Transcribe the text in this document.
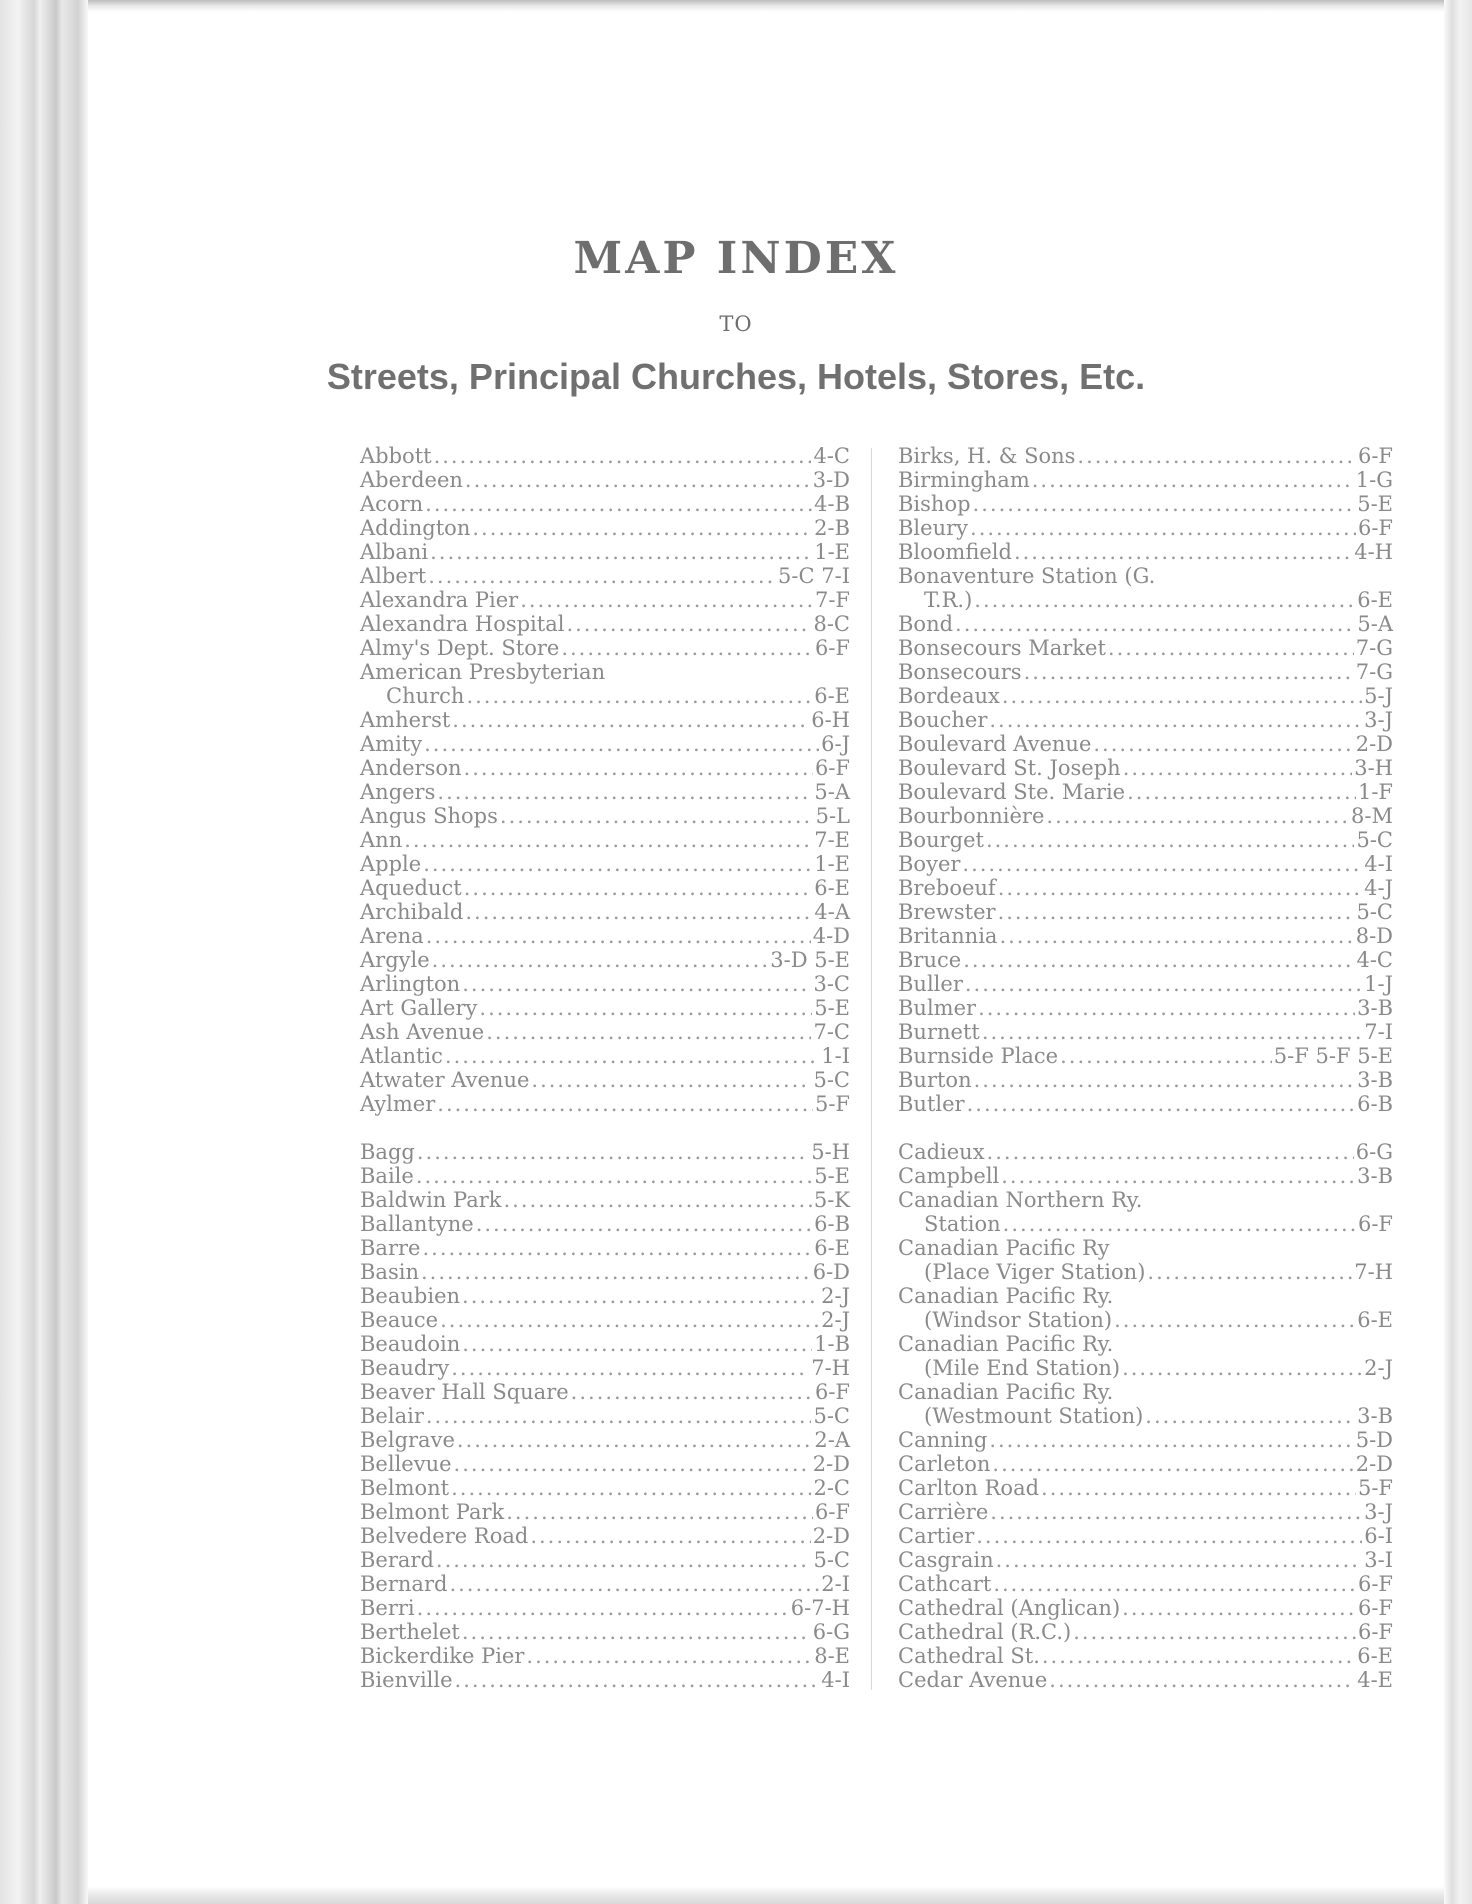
MAP INDEX
TO
Streets, Principal Churches, Hotels, Stores, Etc.
Abbott .....	4-C
Aberdeen .....	3-D
Acorn .....	4-B
Addington .....	2-B
Albani .....	1-E
Albert .....	5-C 7-I
Alexandra Pier .....	7-F
Alexandra Hospital .....	8-C
Almy's Dept. Store .....	6-F
American Presbyterian
Church .....	6-E
Amherst .....	6-H
Amity .....	6-J
Anderson .....	6-F
Angers .....	5-A
Angus Shops .....	5-L
Ann .....	7-E
Apple .....	1-E
Aqueduct .....	6-E
Archibald .....	4-A
Arena .....	4-D
Argyle .....	3-D 5-E
Arlington .....	3-C
Art Gallery .....	5-E
Ash Avenue .....	7-C
Atlantic .....	1-I
Atwater Avenue .....	5-C
Aylmer .....	5-F
Bagg .....	5-H
Baile .....	5-E
Baldwin Park .....	5-K
Ballantyne .....	6-B
Barre .....	6-E
Basin .....	6-D
Beaubien .....	2-J
Beauce .....	2-J
Beaudoin .....	1-B
Beaudry .....	7-H
Beaver Hall Square .....	6-F
Belair .....	5-C
Belgrave .....	2-A
Bellevue .....	2-D
Belmont .....	2-C
Belmont Park .....	6-F
Belvedere Road .....	2-D
Berard .....	5-C
Bernard .....	2-I
Berri .....	6-7-H
Berthelet .....	6-G
Bickerdike Pier .....	8-E
Bienville .....	4-I
Birks, H. & Sons .....	6-F
Birmingham .....	1-G
Bishop .....	5-E
Bleury .....	6-F
Bloomfield .....	4-H
Bonaventure Station (G.
T.R.) .....	6-E
Bond .....	5-A
Bonsecours Market .....	7-G
Bonsecours .....	7-G
Bordeaux .....	5-J
Boucher .....	3-J
Boulevard Avenue .....	2-D
Boulevard St. Joseph .....	3-H
Boulevard Ste. Marie .....	1-F
Bourbonnière .....	8-M
Bourget .....	5-C
Boyer .....	4-I
Breboeuf .....	4-J
Brewster .....	5-C
Britannia .....	8-D
Bruce .....	4-C
Buller .....	1-J
Bulmer .....	3-B
Burnett .....	7-I
Burnside Place .....	5-F 5-F 5-E
Burton .....	3-B
Butler .....	6-B
Cadieux .....	6-G
Campbell .....	3-B
Canadian Northern Ry.
Station .....	6-F
Canadian Pacific Ry
(Place Viger Station) .....	7-H
Canadian Pacific Ry.
(Windsor Station) .....	6-E
Canadian Pacific Ry.
(Mile End Station) .....	2-J
Canadian Pacific Ry.
(Westmount Station) .....	3-B
Canning .....	5-D
Carleton .....	2-D
Carlton Road .....	5-F
Carrière .....	3-J
Cartier .....	6-I
Casgrain .....	3-I
Cathcart .....	6-F
Cathedral (Anglican) .....	6-F
Cathedral (R.C.) .....	6-F
Cathedral St. .....	6-E
Cedar Avenue .....	4-E
